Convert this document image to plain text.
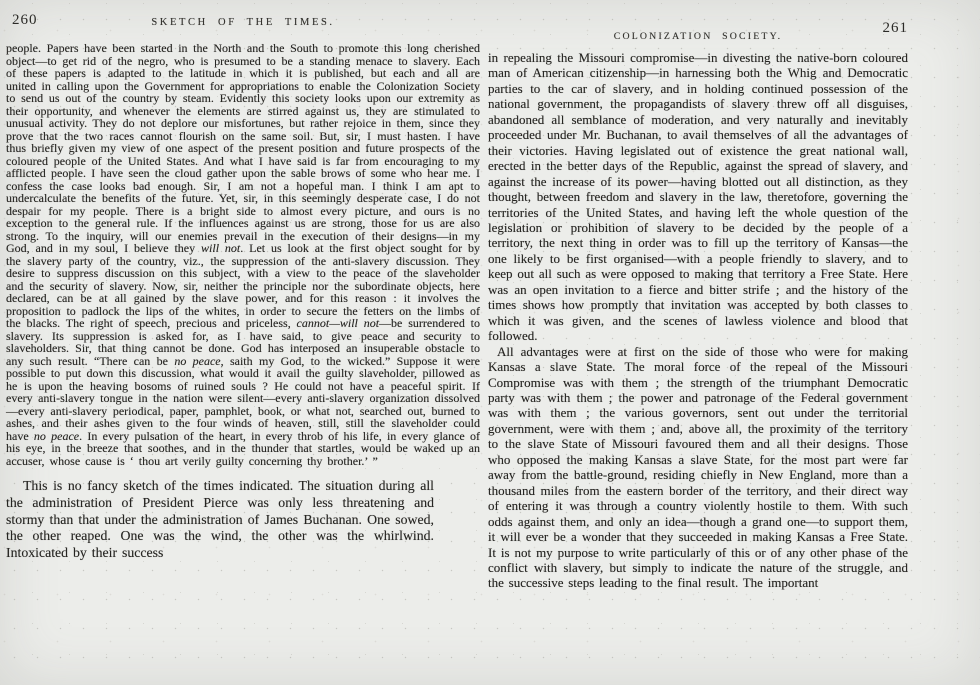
260	SKETCH OF THE TIMES.
people. Papers have been started in the North and the South to promote this long cherished object—to get rid of the negro, who is presumed to be a standing menace to slavery. Each of these papers is adapted to the latitude in which it is published, but each and all are united in calling upon the Government for appropriations to enable the Colonization Society to send us out of the country by steam. Evidently this society looks upon our extremity as their opportunity, and whenever the elements are stirred against us, they are stimulated to unusual activity. They do not deplore our misfortunes, but rather rejoice in them, since they prove that the two races cannot flourish on the same soil. But, sir, I must hasten. I have thus briefly given my view of one aspect of the present position and future prospects of the coloured people of the United States. And what I have said is far from encouraging to my afflicted people. I have seen the cloud gather upon the sable brows of some who hear me. I confess the case looks bad enough. Sir, I am not a hopeful man. I think I am apt to undercalculate the benefits of the future. Yet, sir, in this seemingly desperate case, I do not despair for my people. There is a bright side to almost every picture, and ours is no exception to the general rule. If the influences against us are strong, those for us are also strong. To the inquiry, will our enemies prevail in the execution of their designs—in my God, and in my soul, I believe they will not. Let us look at the first object sought for by the slavery party of the country, viz., the suppression of the anti-slavery discussion. They desire to suppress discussion on this subject, with a view to the peace of the slaveholder and the security of slavery. Now, sir, neither the principle nor the subordinate objects, here declared, can be at all gained by the slave power, and for this reason : it involves the proposition to padlock the lips of the whites, in order to secure the fetters on the limbs of the blacks. The right of speech, precious and priceless, cannot—will not—be surrendered to slavery. Its suppression is asked for, as I have said, to give peace and security to slaveholders. Sir, that thing cannot be done. God has interposed an insuperable obstacle to any such result. “There can be no peace, saith my God, to the wicked.” Suppose it were possible to put down this discussion, what would it avail the guilty slaveholder, pillowed as he is upon the heaving bosoms of ruined souls ? He could not have a peaceful spirit. If every anti-slavery tongue in the nation were silent—every anti-slavery organization dissolved—every anti-slavery periodical, paper, pamphlet, book, or what not, searched out, burned to ashes, and their ashes given to the four winds of heaven, still, still the slaveholder could have no peace. In every pulsation of the heart, in every throb of his life, in every glance of his eye, in the breeze that soothes, and in the thunder that startles, would be waked up an accuser, whose cause is ‘ thou art verily guilty concerning thy brother.’ ”
This is no fancy sketch of the times indicated. The situation during all the administration of President Pierce was only less threatening and stormy than that under the administration of James Buchanan. One sowed, the other reaped. One was the wind, the other was the whirlwind. Intoxicated by their success
COLONIZATION SOCIETY.
261
in repealing the Missouri compromise—in divesting the native-born coloured man of American citizenship—in harnessing both the Whig and Democratic parties to the car of slavery, and in holding continued possession of the national government, the propagandists of slavery threw off all disguises, abandoned all semblance of moderation, and very naturally and inevitably proceeded under Mr. Buchanan, to avail themselves of all the advantages of their victories. Having legislated out of existence the great national wall, erected in the better days of the Republic, against the spread of slavery, and against the increase of its power—having blotted out all distinction, as they thought, between freedom and slavery in the law, theretofore, governing the territories of the United States, and having left the whole question of the legislation or prohibition of slavery to be decided by the people of a territory, the next thing in order was to fill up the territory of Kansas—the one likely to be first organised—with a people friendly to slavery, and to keep out all such as were opposed to making that territory a Free State. Here was an open invitation to a fierce and bitter strife ; and the history of the times shows how promptly that invitation was accepted by both classes to which it was given, and the scenes of lawless violence and blood that followed.
All advantages were at first on the side of those who were for making Kansas a slave State. The moral force of the repeal of the Missouri Compromise was with them ; the strength of the triumphant Democratic party was with them ; the power and patronage of the Federal government was with them ; the various governors, sent out under the territorial government, were with them ; and, above all, the proximity of the territory to the slave State of Missouri favoured them and all their designs. Those who opposed the making Kansas a slave State, for the most part were far away from the battle-ground, residing chiefly in New England, more than a thousand miles from the eastern border of the territory, and their direct way of entering it was through a country violently hostile to them. With such odds against them, and only an idea—though a grand one—to support them, it will ever be a wonder that they succeeded in making Kansas a Free State. It is not my purpose to write particularly of this or of any other phase of the conflict with slavery, but simply to indicate the nature of the struggle, and the successive steps leading to the final result. The important
